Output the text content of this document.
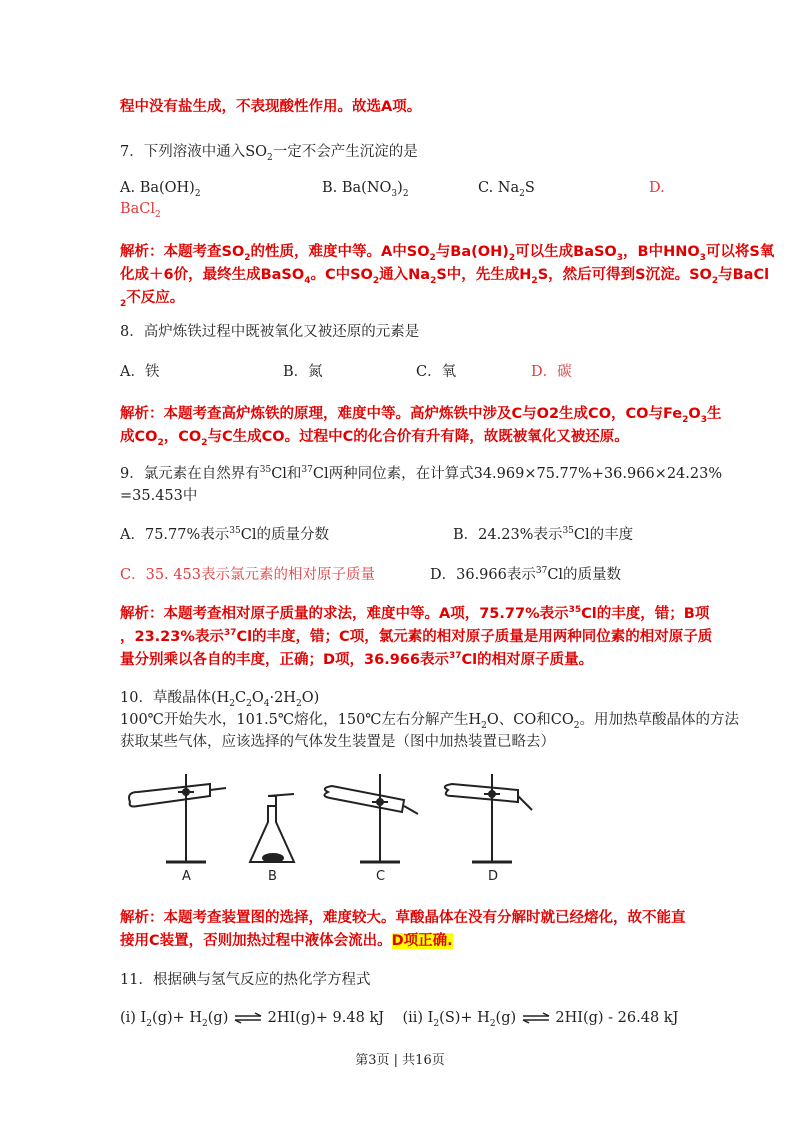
程中没有盐生成，不表现酸性作用。故选A项。
7．下列溶液中通入$SO_2$一定不会产生沉淀的是
A. $Ba(OH)_2$	B. $Ba(NO_3)_2$	C. $Na_2S$	D.
BaCl$_2$
解析：本题考查$SO_2$的性质，难度中等。A中$SO_2$与$Ba(OH)_2$可以生成BaSO$_3$，B中$HNO_3$可以将S氧
化成＋6价，最终生成BaSO$_4$。C中$SO_2$通入$Na_2S$中，先生成$H_2S$，然后可得到S沉淀。$SO_2$与BaCl
$_2$不反应。
8．高炉炼铁过程中既被氧化又被还原的元素是
A．铁	B．氮	C．氧	D．碳
解析：本题考查高炉炼铁的原理，难度中等。高炉炼铁中涉及C与O2生成CO，CO与$Fe_2O_3$生
成$CO_2$，$CO_2$与C生成CO。过程中C的化合价有升有降，故既被氧化又被还原。
9．氯元素在自然界有$^{35}$Cl和$^{37}$Cl两种同位素，在计算式34.969×75.77%+36.966×24.23%
=35.453中
A．75.77%表示$^{35}$Cl的质量分数	B．24.23%表示$^{35}$Cl的丰度
C．35. 453表示氯元素的相对原子质量	D．36.966表示$^{37}$Cl的质量数
解析：本题考查相对原子质量的求法，难度中等。A项，75.77%表示$^{35}$Cl的丰度，错；B项
，23.23%表示$^{37}$Cl的丰度，错；C项，氯元素的相对原子质量是用两种同位素的相对原子质
量分别乘以各自的丰度，正确；D项，36.966表示$^{37}$Cl的相对原子质量。
10．草酸晶体$(H_2C_2O_4\cdot 2H_2O)$
100℃开始失水，101.5℃熔化，150℃左右分解产生$H_2O$、CO和$CO_2$。用加热草酸晶体的方法
获取某些气体，应该选择的气体发生装置是（图中加热装置已略去）
A	B	C	D
解析：本题考查装置图的选择，难度较大。草酸晶体在没有分解时就已经熔化，故不能直
接用C装置，否则加热过程中液体会流出。D项正确.
11．根据碘与氢气反应的热化学方程式
(i) $I_2(g)+ H_2(g)$ ⇌ 2HI(g)+ 9.48 kJ (ii) $I_2(S)+ H_2(g)$ ⇌ 2HI(g) - 26.48 kJ
第3页 | 共16页
